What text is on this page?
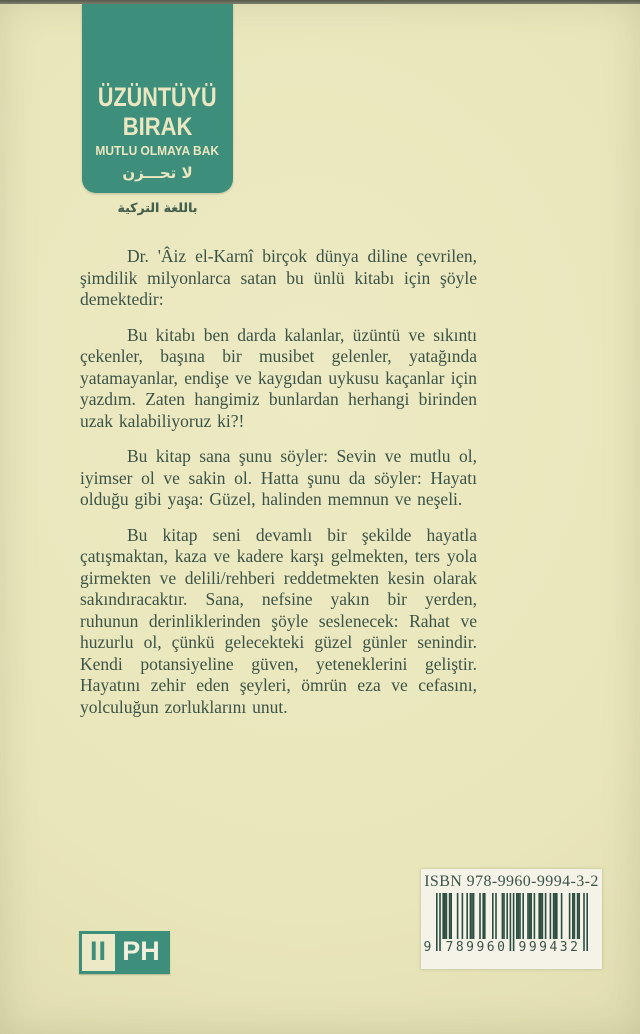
ÜZÜNTÜYÜ
BIRAK
MUTLU OLMAYA BAK
لا تحـــزن
باللغة التركية

Dr. 'Âiz el-Karnî birçok dünya diline çevrilen, şimdilik milyonlarca satan bu ünlü kitabı için şöyle demektedir:

Bu kitabı ben darda kalanlar, üzüntü ve sıkıntı çekenler, başına bir musibet gelenler, yatağında yatamayanlar, endişe ve kaygıdan uykusu kaçanlar için yazdım. Zaten hangimiz bunlardan herhangi birinden uzak kalabiliyoruz ki?!

Bu kitap sana şunu söyler: Sevin ve mutlu ol, iyimser ol ve sakin ol. Hatta şunu da söyler: Hayatı olduğu gibi yaşa: Güzel, halinden memnun ve neşeli.

Bu kitap seni devamlı bir şekilde hayatla çatışmaktan, kaza ve kadere karşı gelmekten, ters yola girmekten ve delili/rehberi reddetmekten kesin olarak sakındıracaktır. Sana, nefsine yakın bir yerden, ruhunun derinliklerinden şöyle seslenecek: Rahat ve huzurlu ol, çünkü gelecekteki güzel günler senindir. Kendi potansiyeline güven, yeteneklerini geliştir. Hayatını zehir eden şeyleri, ömrün eza ve cefasını, yolculuğun zorluklarını unut.

ISBN 978-9960-9994-3-2
9 789960 999432
II PH
